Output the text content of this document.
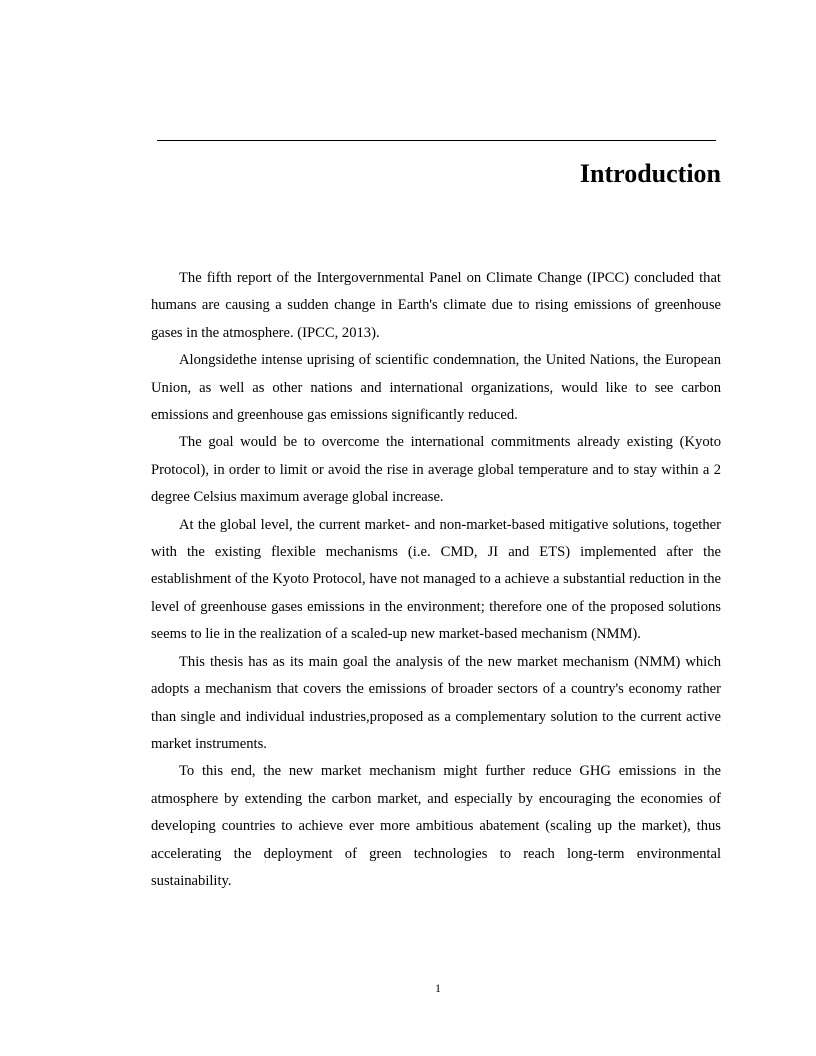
Introduction

The fifth report of the Intergovernmental Panel on Climate Change (IPCC) concluded that humans are causing a sudden change in Earth's climate due to rising emissions of greenhouse gases in the atmosphere. (IPCC, 2013).

Alongsidethe intense uprising of scientific condemnation, the United Nations, the European Union, as well as other nations and international organizations, would like to see carbon emissions and greenhouse gas emissions significantly reduced.

The goal would be to overcome the international commitments already existing (Kyoto Protocol), in order to limit or avoid the rise in average global temperature and to stay within a 2 degree Celsius maximum average global increase.

At the global level, the current market- and non-market-based mitigative solutions, together with the existing flexible mechanisms (i.e. CMD, JI and ETS) implemented after the establishment of the Kyoto Protocol, have not managed to a achieve a substantial reduction in the level of greenhouse gases emissions in the environment; therefore one of the proposed solutions seems to lie in the realization of a scaled-up new market-based mechanism (NMM).

This thesis has as its main goal the analysis of the new market mechanism (NMM) which adopts a mechanism that covers the emissions of broader sectors of a country's economy rather than single and individual industries,proposed as a complementary solution to the current active market instruments.

To this end, the new market mechanism might further reduce GHG emissions in the atmosphere by extending the carbon market, and especially by encouraging the economies of developing countries to achieve ever more ambitious abatement (scaling up the market), thus accelerating the deployment of green technologies to reach long-term environmental sustainability.

1
